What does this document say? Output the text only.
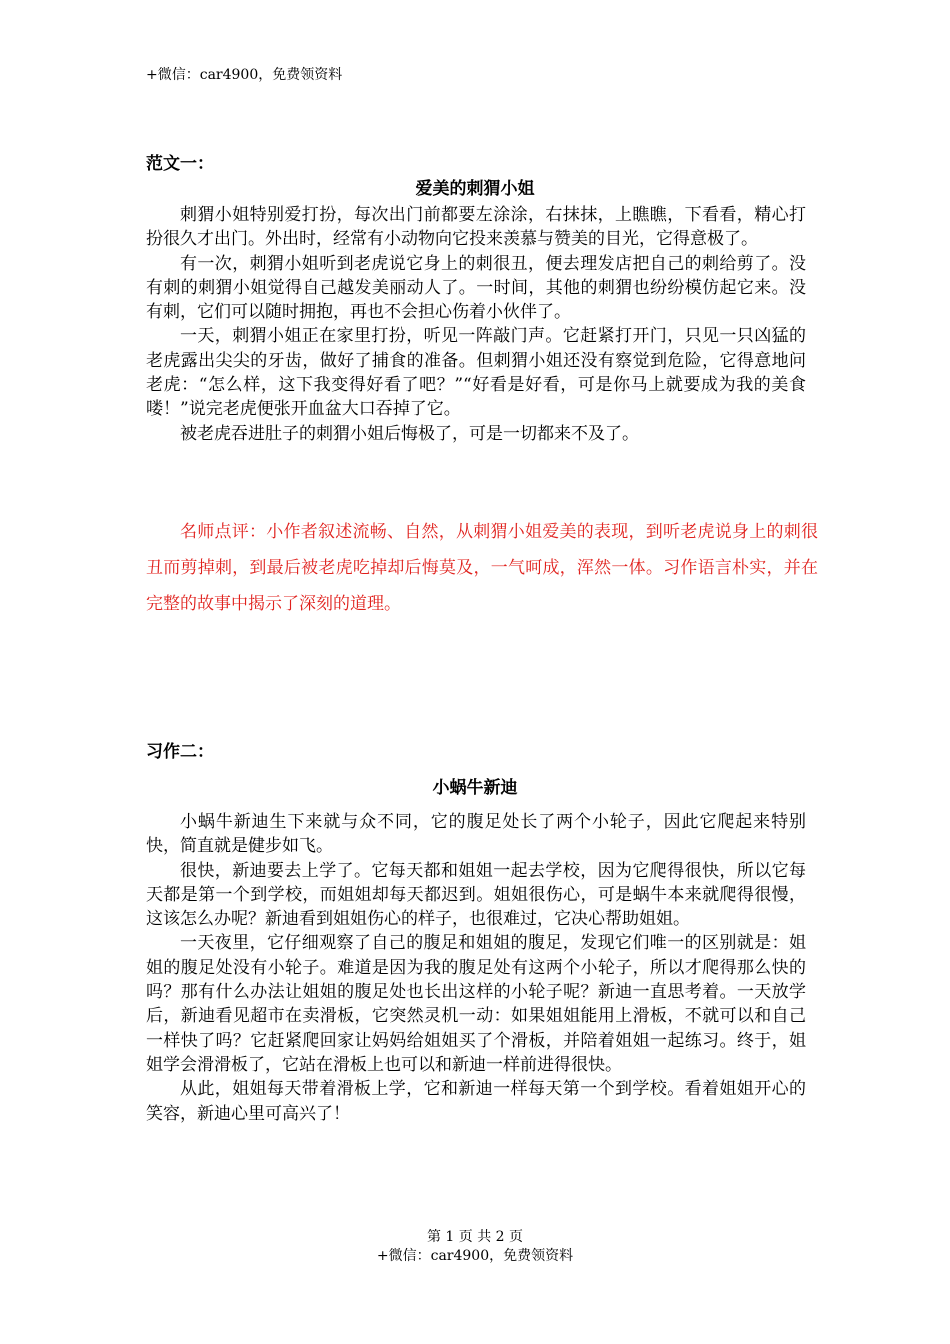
+微信：car4900，免费领资料
范文一：
爱美的刺猬小姐

刺猬小姐特别爱打扮，每次出门前都要左涂涂，右抹抹，上瞧瞧，下看看，精心打扮很久才出门。外出时，经常有小动物向它投来羡慕与赞美的目光，它得意极了。

有一次，刺猬小姐听到老虎说它身上的刺很丑，便去理发店把自己的刺给剪了。没有刺的刺猬小姐觉得自己越发美丽动人了。一时间，其他的刺猬也纷纷模仿起它来。没有刺，它们可以随时拥抱，再也不会担心伤着小伙伴了。

一天，刺猬小姐正在家里打扮，听见一阵敲门声。它赶紧打开门，只见一只凶猛的老虎露出尖尖的牙齿，做好了捕食的准备。但刺猬小姐还没有察觉到危险，它得意地问老虎：“怎么样，这下我变得好看了吧？”“好看是好看，可是你马上就要成为我的美食喽！”说完老虎便张开血盆大口吞掉了它。

被老虎吞进肚子的刺猬小姐后悔极了，可是一切都来不及了。

名师点评：小作者叙述流畅、自然，从刺猬小姐爱美的表现，到听老虎说身上的刺很丑而剪掉刺，到最后被老虎吃掉却后悔莫及，一气呵成，浑然一体。习作语言朴实，并在完整的故事中揭示了深刻的道理。

习作二：
小蜗牛新迪

小蜗牛新迪生下来就与众不同，它的腹足处长了两个小轮子，因此它爬起来特别快，简直就是健步如飞。

很快，新迪要去上学了。它每天都和姐姐一起去学校，因为它爬得很快，所以它每天都是第一个到学校，而姐姐却每天都迟到。姐姐很伤心，可是蜗牛本来就爬得很慢，这该怎么办呢？新迪看到姐姐伤心的样子，也很难过，它决心帮助姐姐。

一天夜里，它仔细观察了自己的腹足和姐姐的腹足，发现它们唯一的区别就是：姐姐的腹足处没有小轮子。难道是因为我的腹足处有这两个小轮子，所以才爬得那么快的吗？那有什么办法让姐姐的腹足处也长出这样的小轮子呢？新迪一直思考着。一天放学后，新迪看见超市在卖滑板，它突然灵机一动：如果姐姐能用上滑板，不就可以和自己一样快了吗？它赶紧爬回家让妈妈给姐姐买了个滑板，并陪着姐姐一起练习。终于，姐姐学会滑滑板了，它站在滑板上也可以和新迪一样前进得很快。

从此，姐姐每天带着滑板上学，它和新迪一样每天第一个到学校。看着姐姐开心的笑容，新迪心里可高兴了！

第 1 页 共 2 页
+微信：car4900，免费领资料
